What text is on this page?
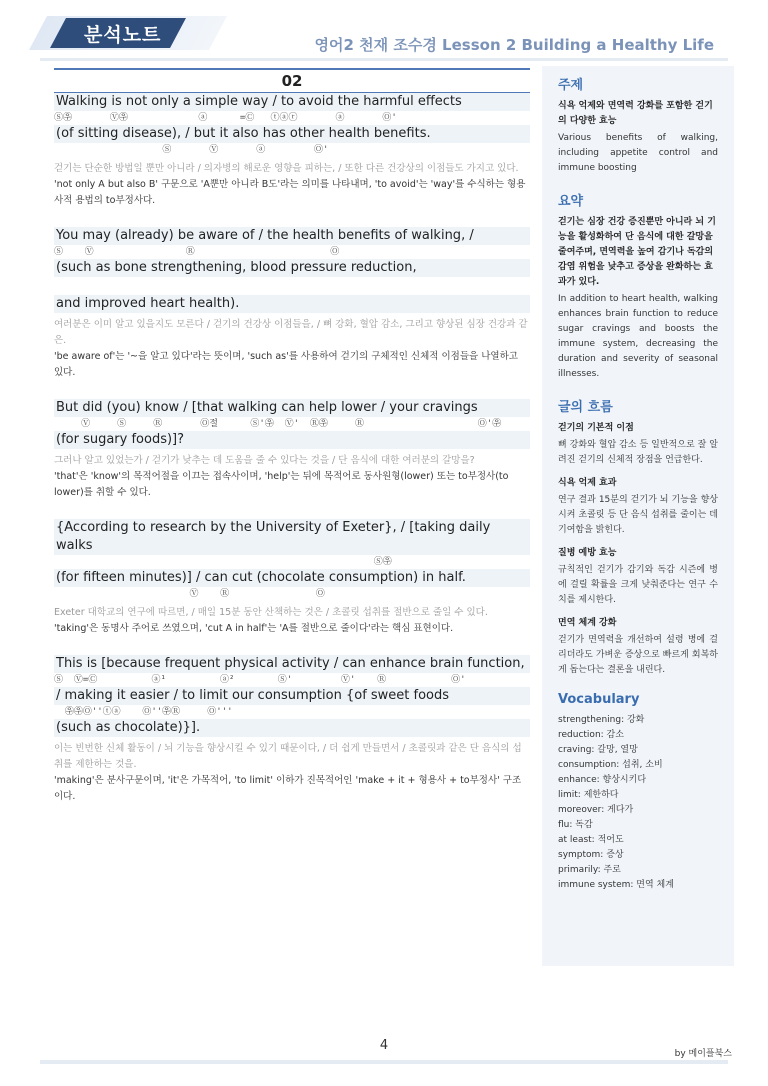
분석노트	영어2 천재 조수경 Lesson 2 Building a Healthy Life
02

Walking is not only a simple way / to avoid the harmful effects

Ⓢ㉾       Ⓥ㉾             ⓐ      =Ⓒ   ⓣⓐⓡ       ⓐ       Ⓞ'

(of sitting disease), / but it also has other health benefits.

Ⓢ       Ⓥ       ⓐ         Ⓞ'

걷기는 단순한 방법일 뿐만 아니라 / 의자병의 해로운 영향을 피하는, / 또한 다른 건강상의 이점들도 가지고 있다.

'not only A but also B' 구문으로 'A뿐만 아니라 B도'라는 의미를 나타내며, 'to avoid'는 'way'를 수식하는 형용사적 용법의 to부정사다.

You may (already) be aware of / the health benefits of walking, /

Ⓢ    Ⓥ                 Ⓡ                         Ⓞ

(such as bone strengthening, blood pressure reduction,

and improved heart health).

여러분은 이미 알고 있을지도 모른다 / 걷기의 건강상 이점들을, / 뼈 강화, 혈압 감소, 그리고 향상된 심장 건강과 같은.

'be aware of'는 '~을 알고 있다'라는 뜻이며, 'such as'를 사용하여 걷기의 구체적인 신체적 이점들을 나열하고 있다.

But did (you) know / [that walking can help lower / your cravings

Ⓥ     Ⓢ     Ⓡ       Ⓞ절      Ⓢ'㉾  Ⓥ'  Ⓡ㉾     Ⓡ                     Ⓞ'㉾

(for sugary foods)]?

그러나 알고 있었는가 / 걷기가 낮추는 데 도움을 줄 수 있다는 것을 / 단 음식에 대한 여러분의 갈망을?

'that'은 'know'의 목적어절을 이끄는 접속사이며, 'help'는 뒤에 목적어로 동사원형(lower) 또는 to부정사(to lower)를 취할 수 있다.

{According to research by the University of Exeter}, / [taking daily walks

Ⓢ㉾

(for fifteen minutes)] / can cut (chocolate consumption) in half.

Ⓥ    Ⓡ                Ⓞ

Exeter 대학교의 연구에 따르면, / 매일 15분 동안 산책하는 것은 / 초콜릿 섭취를 절반으로 줄일 수 있다.

'taking'은 동명사 주어로 쓰였으며, 'cut A in half'는 'A를 절반으로 줄이다'라는 핵심 표현이다.

This is [because frequent physical activity / can enhance brain function,

Ⓢ  Ⓥ=Ⓒ          ⓐ¹          ⓐ²        Ⓢ'         Ⓥ'    Ⓡ            Ⓞ'

/ making it easier / to limit our consumption {of sweet foods

㉾㉾Ⓞ''ⓣⓐ    Ⓞ''㉾Ⓡ     Ⓞ'''

(such as chocolate)}].

이는 빈번한 신체 활동이 / 뇌 기능을 향상시킬 수 있기 때문이다, / 더 쉽게 만들면서 / 초콜릿과 같은 단 음식의 섭취를 제한하는 것을.

'making'은 분사구문이며, 'it'은 가목적어, 'to limit' 이하가 진목적어인 'make + it + 형용사 + to부정사' 구조이다.

주제

식욕 억제와 면역력 강화를 포함한 걷기의 다양한 효능

Various benefits of walking, including appetite control and immune boosting

요약

걷기는 심장 건강 증진뿐만 아니라 뇌 기능을 활성화하여 단 음식에 대한 갈망을 줄여주며, 면역력을 높여 감기나 독감의 감염 위험을 낮추고 증상을 완화하는 효과가 있다.

In addition to heart health, walking enhances brain function to reduce sugar cravings and boosts the immune system, decreasing the duration and severity of seasonal illnesses.

글의 흐름

걷기의 기본적 이점

뼈 강화와 혈압 감소 등 일반적으로 잘 알려진 걷기의 신체적 장점을 언급한다.

식욕 억제 효과

연구 결과 15분의 걷기가 뇌 기능을 향상시켜 초콜릿 등 단 음식 섭취를 줄이는 데 기여함을 밝힌다.

질병 예방 효능

규칙적인 걷기가 감기와 독감 시즌에 병에 걸릴 확률을 크게 낮춰준다는 연구 수치를 제시한다.

면역 체계 강화

걷기가 면역력을 개선하여 설령 병에 걸리더라도 가벼운 증상으로 빠르게 회복하게 돕는다는 결론을 내린다.

Vocabulary
strengthening: 강화
reduction: 감소
craving: 갈망, 열망
consumption: 섭취, 소비
enhance: 향상시키다
limit: 제한하다
moreover: 게다가
flu: 독감
at least: 적어도
symptom: 증상
primarily: 주로
immune system: 면역 체계
4
by 메이플북스
